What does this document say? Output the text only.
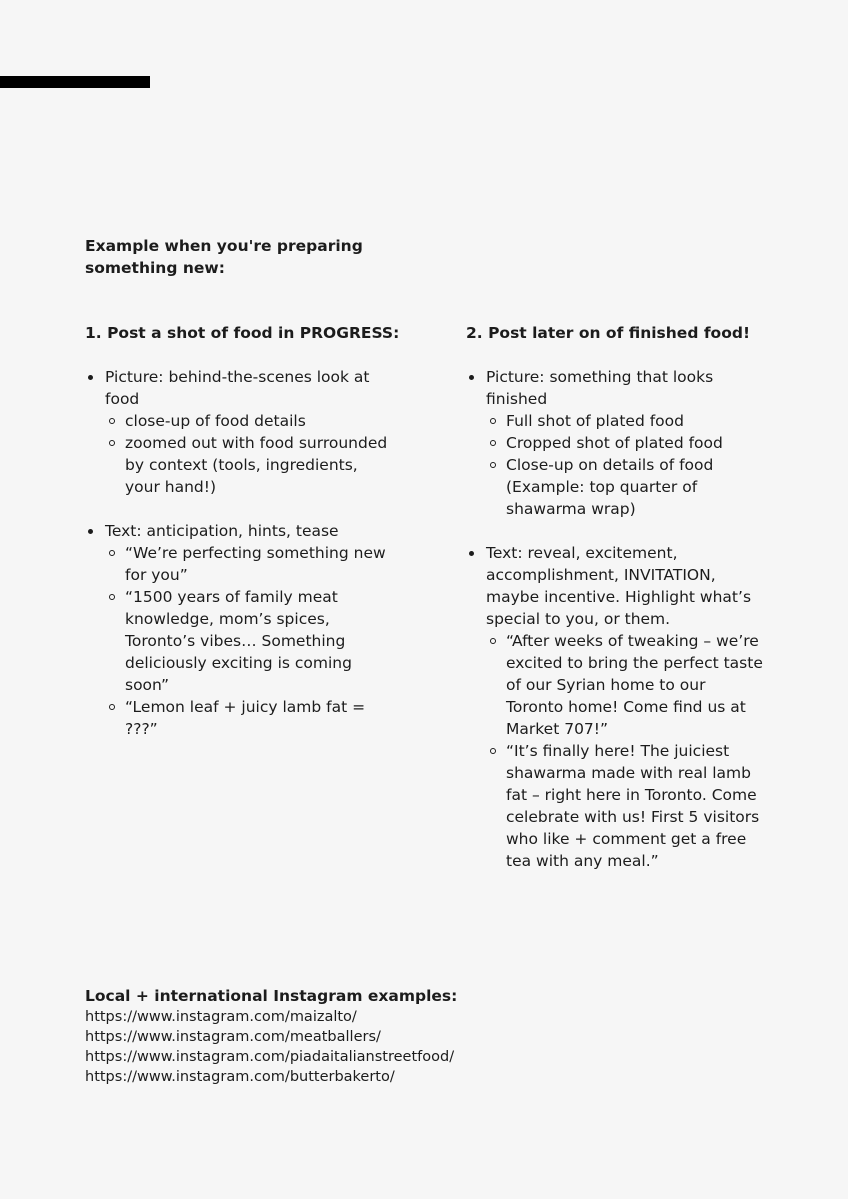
Example when you're preparing something new:
1. Post a shot of food in PROGRESS:
Picture: behind-the-scenes look at food
close-up of food details
zoomed out with food surrounded by context (tools, ingredients, your hand!)
Text: anticipation, hints, tease
“We’re perfecting something new for you”
“1500 years of family meat knowledge, mom’s spices, Toronto’s vibes… Something deliciously exciting is coming soon”
“Lemon leaf + juicy lamb fat = ???”
2. Post later on of finished food!
Picture: something that looks finished
Full shot of plated food
Cropped shot of plated food
Close-up on details of food (Example: top quarter of shawarma wrap)
Text: reveal, excitement, accomplishment, INVITATION, maybe incentive. Highlight what’s special to you, or them.
“After weeks of tweaking – we’re excited to bring the perfect taste of our Syrian home to our Toronto home! Come find us at Market 707!”
“It’s finally here! The juiciest shawarma made with real lamb fat – right here in Toronto. Come celebrate with us! First 5 visitors who like + comment get a free tea with any meal.”
Local + international Instagram examples:
https://www.instagram.com/maizalto/
https://www.instagram.com/meatballers/
https://www.instagram.com/piadaitalianstreetfood/
https://www.instagram.com/butterbakerto/
